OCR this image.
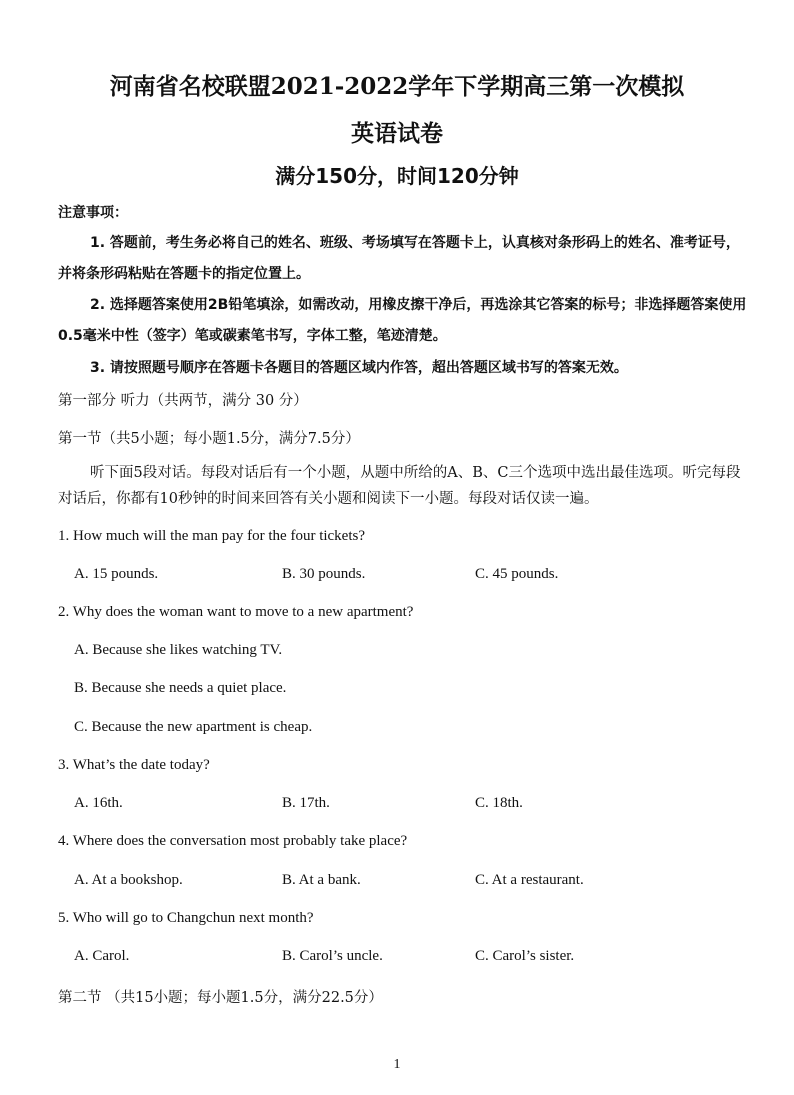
河南省名校联盟2021-2022学年下学期高三第一次模拟
英语试卷
满分150分，时间120分钟
注意事项：
1. 答题前，考生务必将自己的姓名、班级、考场填写在答题卡上，认真核对条形码上的姓名、准考证号，并将条形码粘贴在答题卡的指定位置上。
2. 选择题答案使用2B铅笔填涂，如需改动，用橡皮擦干净后，再选涂其它答案的标号；非选择题答案使用0.5毫米中性（签字）笔或碳素笔书写，字体工整，笔迹清楚。
3. 请按照题号顺序在答题卡各题目的答题区域内作答，超出答题区域书写的答案无效。
第一部分 听力（共两节，满分 30 分）
第一节（共5小题；每小题1.5分，满分7.5分）
听下面5段对话。每段对话后有一个小题，从题中所给的A、B、C三个选项中选出最佳选项。听完每段对话后，你都有10秒钟的时间来回答有关小题和阅读下一小题。每段对话仅读一遍。
1. How much will the man pay for the four tickets?
A. 15 pounds.	B. 30 pounds.	C. 45 pounds.
2. Why does the woman want to move to a new apartment?
A. Because she likes watching TV.
B. Because she needs a quiet place.
C. Because the new apartment is cheap.
3. What’s the date today?
A. 16th.	B. 17th.	C. 18th.
4. Where does the conversation most probably take place?
A. At a bookshop.	B. At a bank.	C. At a restaurant.
5. Who will go to Changchun next month?
A. Carol.	B. Carol’s uncle.	C. Carol’s sister.
第二节 （共15小题；每小题1.5分，满分22.5分）
1
